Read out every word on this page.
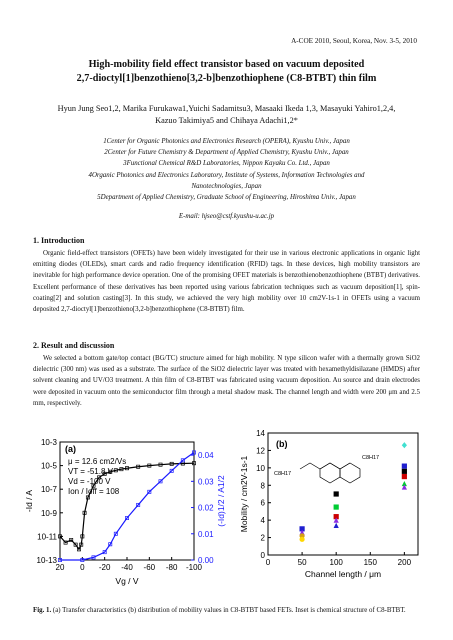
A-COE 2010, Seoul, Korea, Nov. 3-5, 2010
High-mobility field effect transistor based on vacuum deposited
2,7-dioctyl[1]benzothieno[3,2-b]benzothiophene (C8-BTBT) thin film
Hyun Jung Seo1,2, Marika Furukawa1,Yuichi Sadamitsu3, Masaaki Ikeda 1,3, Masayuki Yahiro1,2,4,
Kazuo Takimiya5 and Chihaya Adachi1,2*
1Center for Organic Photonics and Electronics Research (OPERA), Kyushu Univ., Japan
2Center for Future Chemistry & Department of Applied Chemistry, Kyushu Univ., Japan
3Functional Chemical R&D Laboratories, Nippon Kayaku Co. Ltd., Japan
4Organic Photonics and Electronics Laboratory, Institute of Systems, Information Technologies and
Nanotechnologies, Japan
5Department of Applied Chemistry, Graduate School of Engineering, Hiroshima Univ., Japan
E-mail: hjseo@cstf.kyushu-u.ac.jp
1. Introduction

Organic field-effect transistors (OFETs) have been widely investigated for their use in various electronic applications in organic light emitting diodes (OLEDs), smart cards and radio frequency identification (RFID) tags. In these devices, high mobility transistors are inevitable for high performance device operation. One of the promising OFET materials is benzothienobenzothiophene (BTBT) derivatives. Excellent performance of these derivatives has been reported using various fabrication techniques such as vacuum deposition[1], spin-coating[2] and solution casting[3]. In this study, we achieved the very high mobility over 10 cm2V-1s-1 in OFETs using a vacuum deposited 2,7-dioctyl[1]benzothieno[3,2-b]benzothiophene (C8-BTBT) film.

2. Result and discussion

We selected a bottom gate/top contact (BG/TC) structure aimed for high mobility. N type silicon wafer with a thermally grown SiO2 dielectric (300 nm) was used as a substrate. The surface of the SiO2 dielectric layer was treated with hexamethyldisilazane (HMDS) after solvent cleaning and UV/O3 treatment. A thin film of C8-BTBT was fabricated using vacuum deposition. Au source and drain electrodes were deposited in vacuum onto the semiconductor film through a metal shadow mask. The channel length and width were 200 μm and 2.5 mm, respectively.

20 0 -20 -40 -60 -80 -100
10-3
10-5
10-7
10-9
10-11
10-13
0.04
0.03
0.02
0.01
0.00
Vg / V
-Id / A	(-Id)1/2 / A1/2
(a)
μ = 12.6 cm2/Vs
VT = -51.8 V
Vd = -100 V
Ion / Ioff = 108
0	50	100	150	200
0
2
4
6
8
10
12
14
Channel length / μm
Mobility / cm2V-1s-1
(b)
C8H17
C8H17
Fig. 1. (a) Transfer characteristics (b) distribution of mobility values in C8-BTBT based FETs. Inset is chemical structure of C8-BTBT.
